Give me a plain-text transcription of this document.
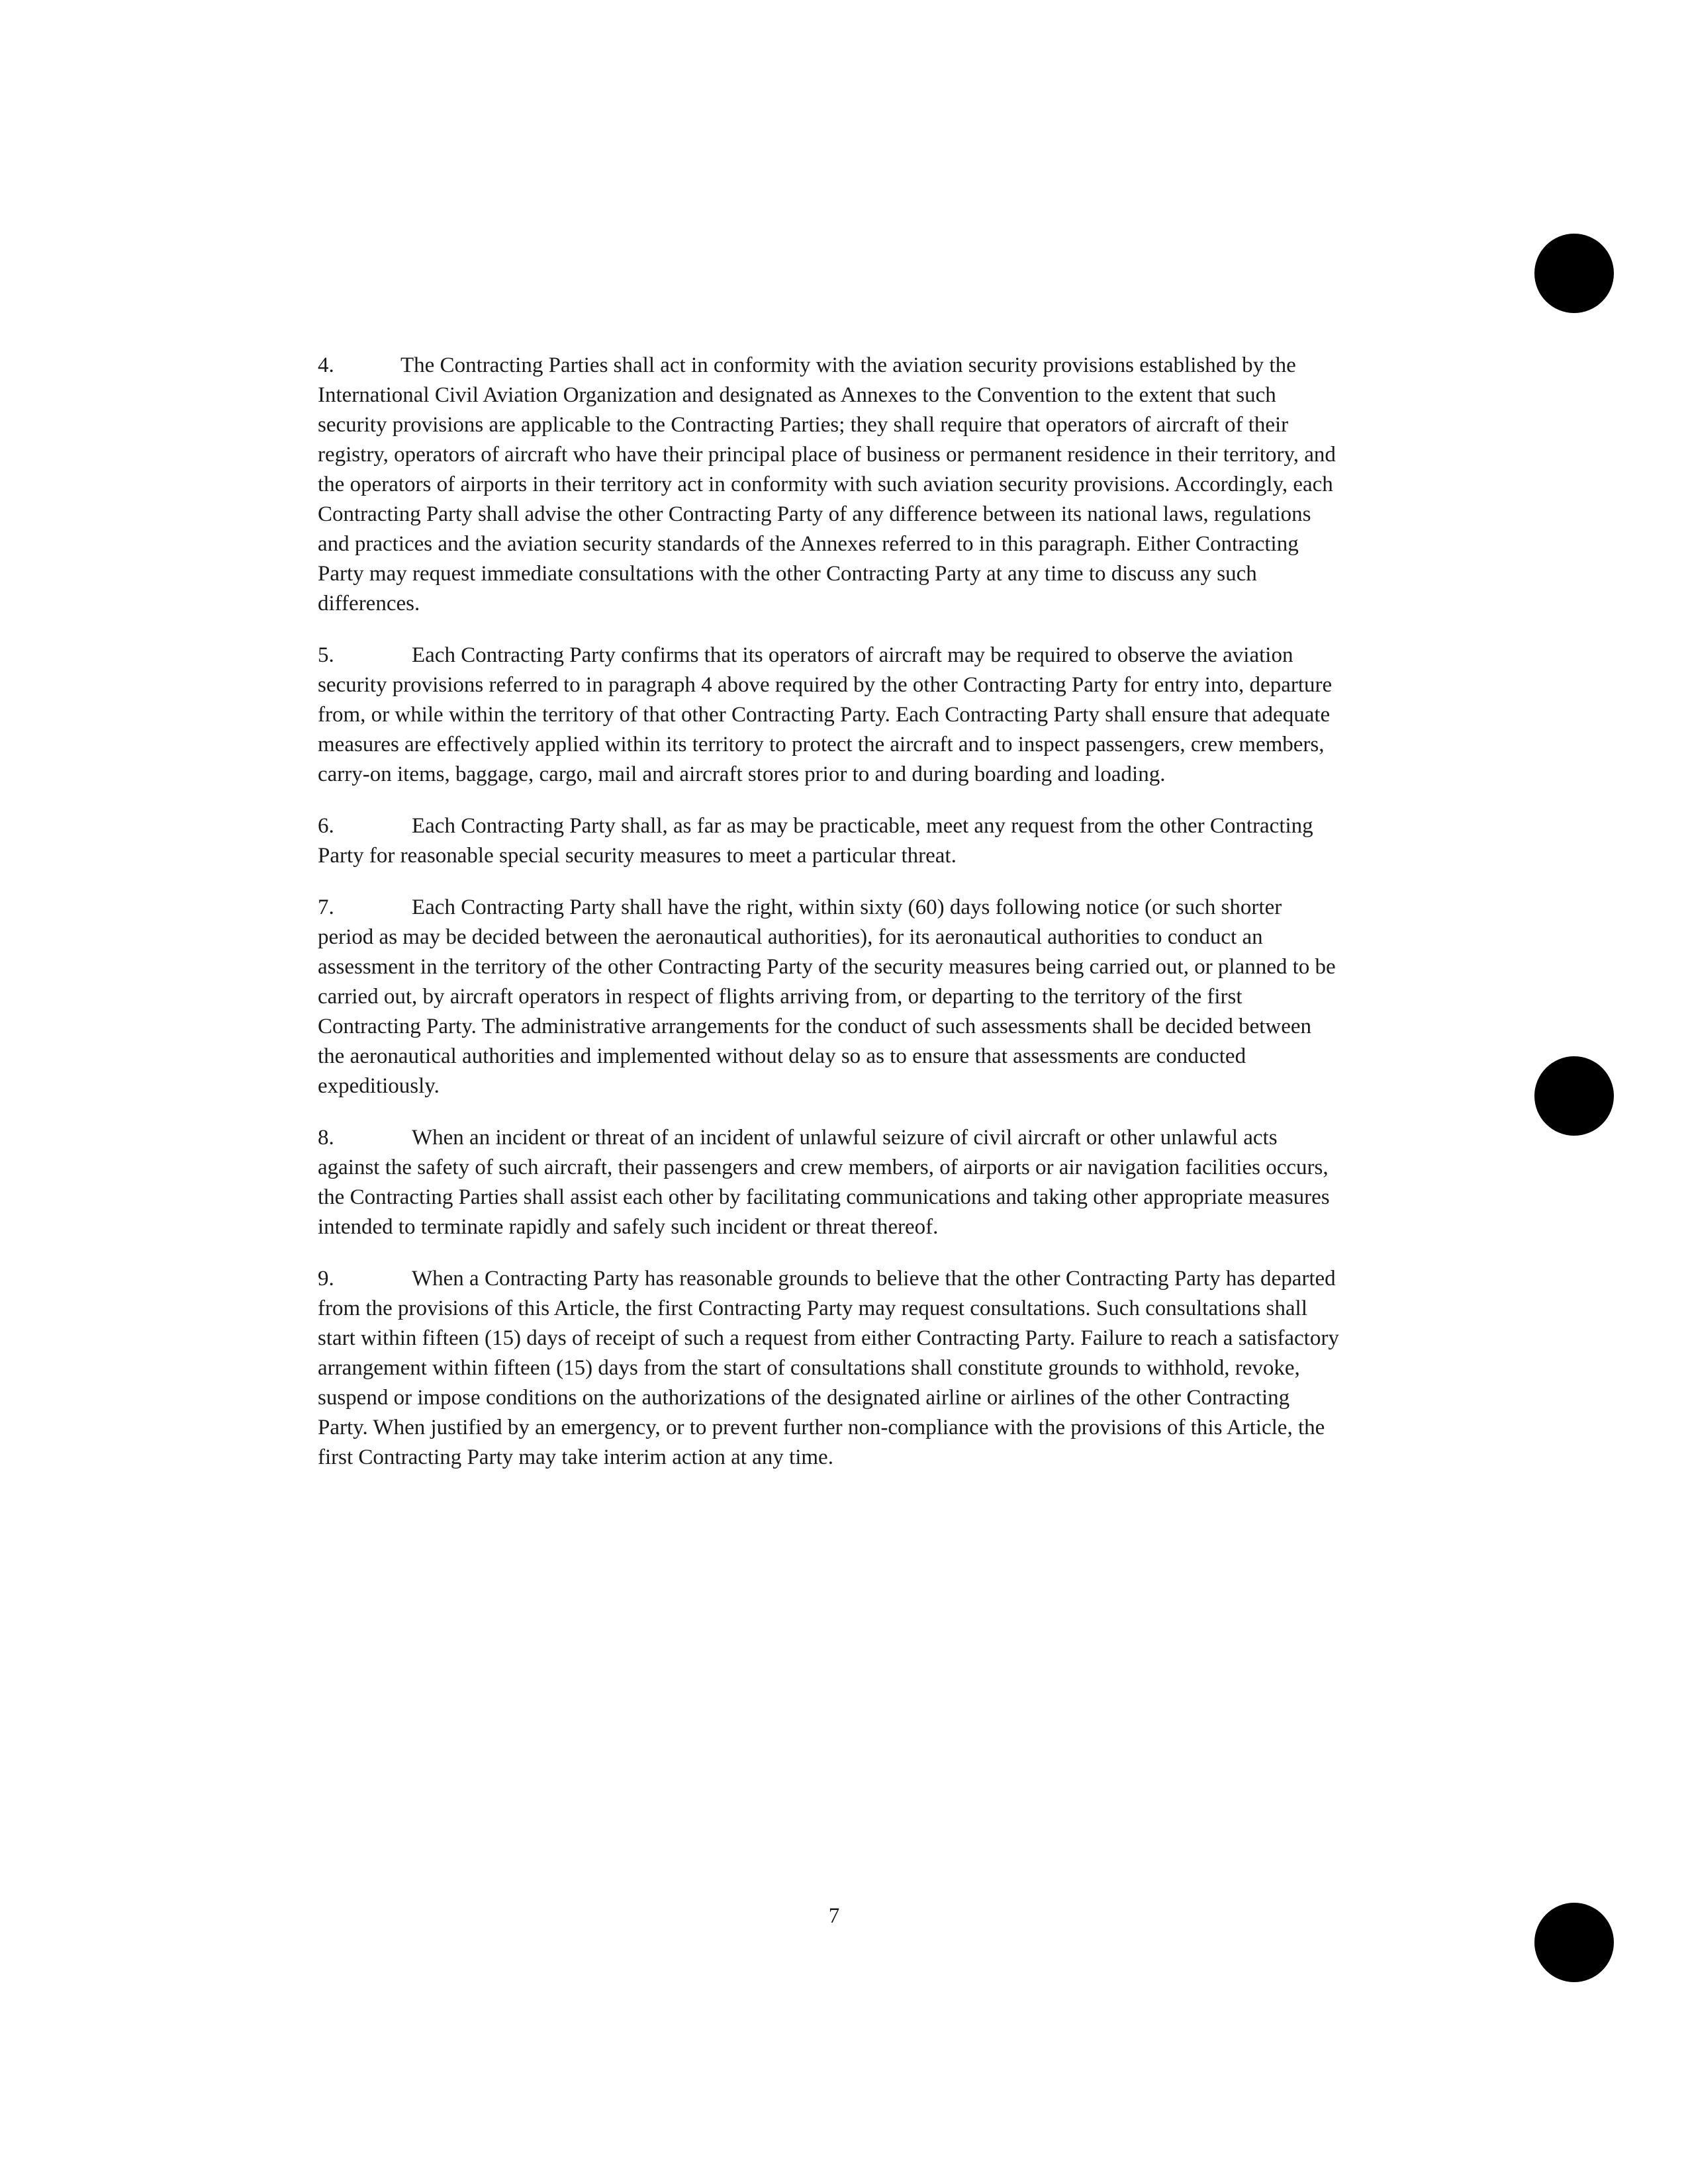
4.	The Contracting Parties shall act in conformity with the aviation security provisions established by the International Civil Aviation Organization and designated as Annexes to the Convention to the extent that such security provisions are applicable to the Contracting Parties; they shall require that operators of aircraft of their registry, operators of aircraft who have their principal place of business or permanent residence in their territory, and the operators of airports in their territory act in conformity with such aviation security provisions. Accordingly, each Contracting Party shall advise the other Contracting Party of any difference between its national laws, regulations and practices and the aviation security standards of the Annexes referred to in this paragraph. Either Contracting Party may request immediate consultations with the other Contracting Party at any time to discuss any such differences.

5.	Each Contracting Party confirms that its operators of aircraft may be required to observe the aviation security provisions referred to in paragraph 4 above required by the other Contracting Party for entry into, departure from, or while within the territory of that other Contracting Party. Each Contracting Party shall ensure that adequate measures are effectively applied within its territory to protect the aircraft and to inspect passengers, crew members, carry-on items, baggage, cargo, mail and aircraft stores prior to and during boarding and loading.

6.	Each Contracting Party shall, as far as may be practicable, meet any request from the other Contracting Party for reasonable special security measures to meet a particular threat.

7.	Each Contracting Party shall have the right, within sixty (60) days following notice (or such shorter period as may be decided between the aeronautical authorities), for its aeronautical authorities to conduct an assessment in the territory of the other Contracting Party of the security measures being carried out, or planned to be carried out, by aircraft operators in respect of flights arriving from, or departing to the territory of the first Contracting Party. The administrative arrangements for the conduct of such assessments shall be decided between the aeronautical authorities and implemented without delay so as to ensure that assessments are conducted expeditiously.

8.	When an incident or threat of an incident of unlawful seizure of civil aircraft or other unlawful acts against the safety of such aircraft, their passengers and crew members, of airports or air navigation facilities occurs, the Contracting Parties shall assist each other by facilitating communications and taking other appropriate measures intended to terminate rapidly and safely such incident or threat thereof.

9.	When a Contracting Party has reasonable grounds to believe that the other Contracting Party has departed from the provisions of this Article, the first Contracting Party may request consultations. Such consultations shall start within fifteen (15) days of receipt of such a request from either Contracting Party. Failure to reach a satisfactory arrangement within fifteen (15) days from the start of consultations shall constitute grounds to withhold, revoke, suspend or impose conditions on the authorizations of the designated airline or airlines of the other Contracting Party. When justified by an emergency, or to prevent further non-compliance with the provisions of this Article, the first Contracting Party may take interim action at any time.

7
